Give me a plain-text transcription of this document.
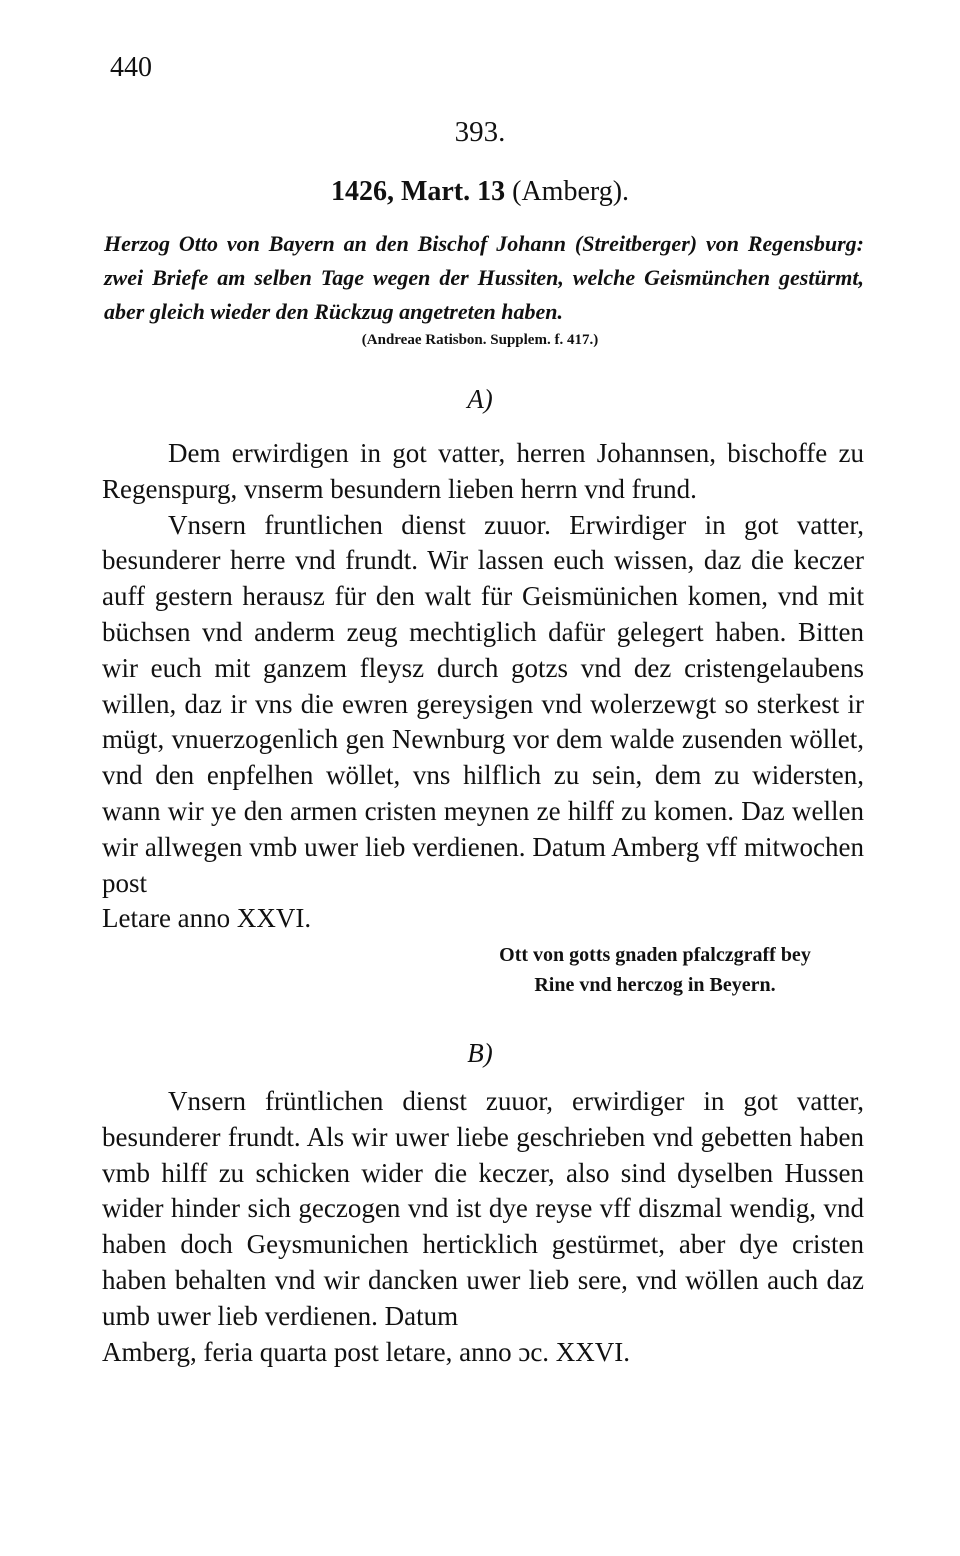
440
393.
1426, Mart. 13 (Amberg).
Herzog Otto von Bayern an den Bischof Johann (Streitberger) von Regensburg: zwei Briefe am selben Tage wegen der Hussiten, welche Geismünchen gestürmt, aber gleich wieder den Rückzug angetreten haben.
(Andreae Ratisbon. Supplem. f. 417.)
A)

Dem erwirdigen in got vatter, herren Johannsen, bischoffe zu Regenspurg, vnserm besundern lieben herrn vnd frund.

Vnsern fruntlichen dienst zuuor. Erwirdiger in got vatter, besunderer herre vnd frundt. Wir lassen euch wissen, daz die keczer auff gestern herausz für den walt für Geismünichen komen, vnd mit büchsen vnd anderm zeug mechtiglich dafür gelegert haben. Bitten wir euch mit ganzem fleysz durch gotzs vnd dez cristengelaubens willen, daz ir vns die ewren gereysigen vnd wolerzewgt so sterkest ir mügt, vnuerzogenlich gen Newnburg vor dem walde zusenden wöllet, vnd den enpfelhen wöllet, vns hilflich zu sein, dem zu widersten, wann wir ye den armen cristen meynen ze hilff zu komen. Daz wellen wir allwegen vmb uwer lieb verdienen. Datum Amberg vff mitwochen post

Letare anno XXVI.
Ott von gotts gnaden pfalczgraff bey
Rine vnd herczog in Beyern.
B)

Vnsern früntlichen dienst zuuor, erwirdiger in got vatter, besunderer frundt. Als wir uwer liebe geschrieben vnd gebetten haben vmb hilff zu schicken wider die keczer, also sind dyselben Hussen wider hinder sich geczogen vnd ist dye reyse vff diszmal wendig, vnd haben doch Geysmunichen herticklich gestürmet, aber dye cristen haben behalten vnd wir dancken uwer lieb sere, vnd wöllen auch daz umb uwer lieb verdienen. Datum

Amberg, feria quarta post letare, anno ɔc. XXVI.
